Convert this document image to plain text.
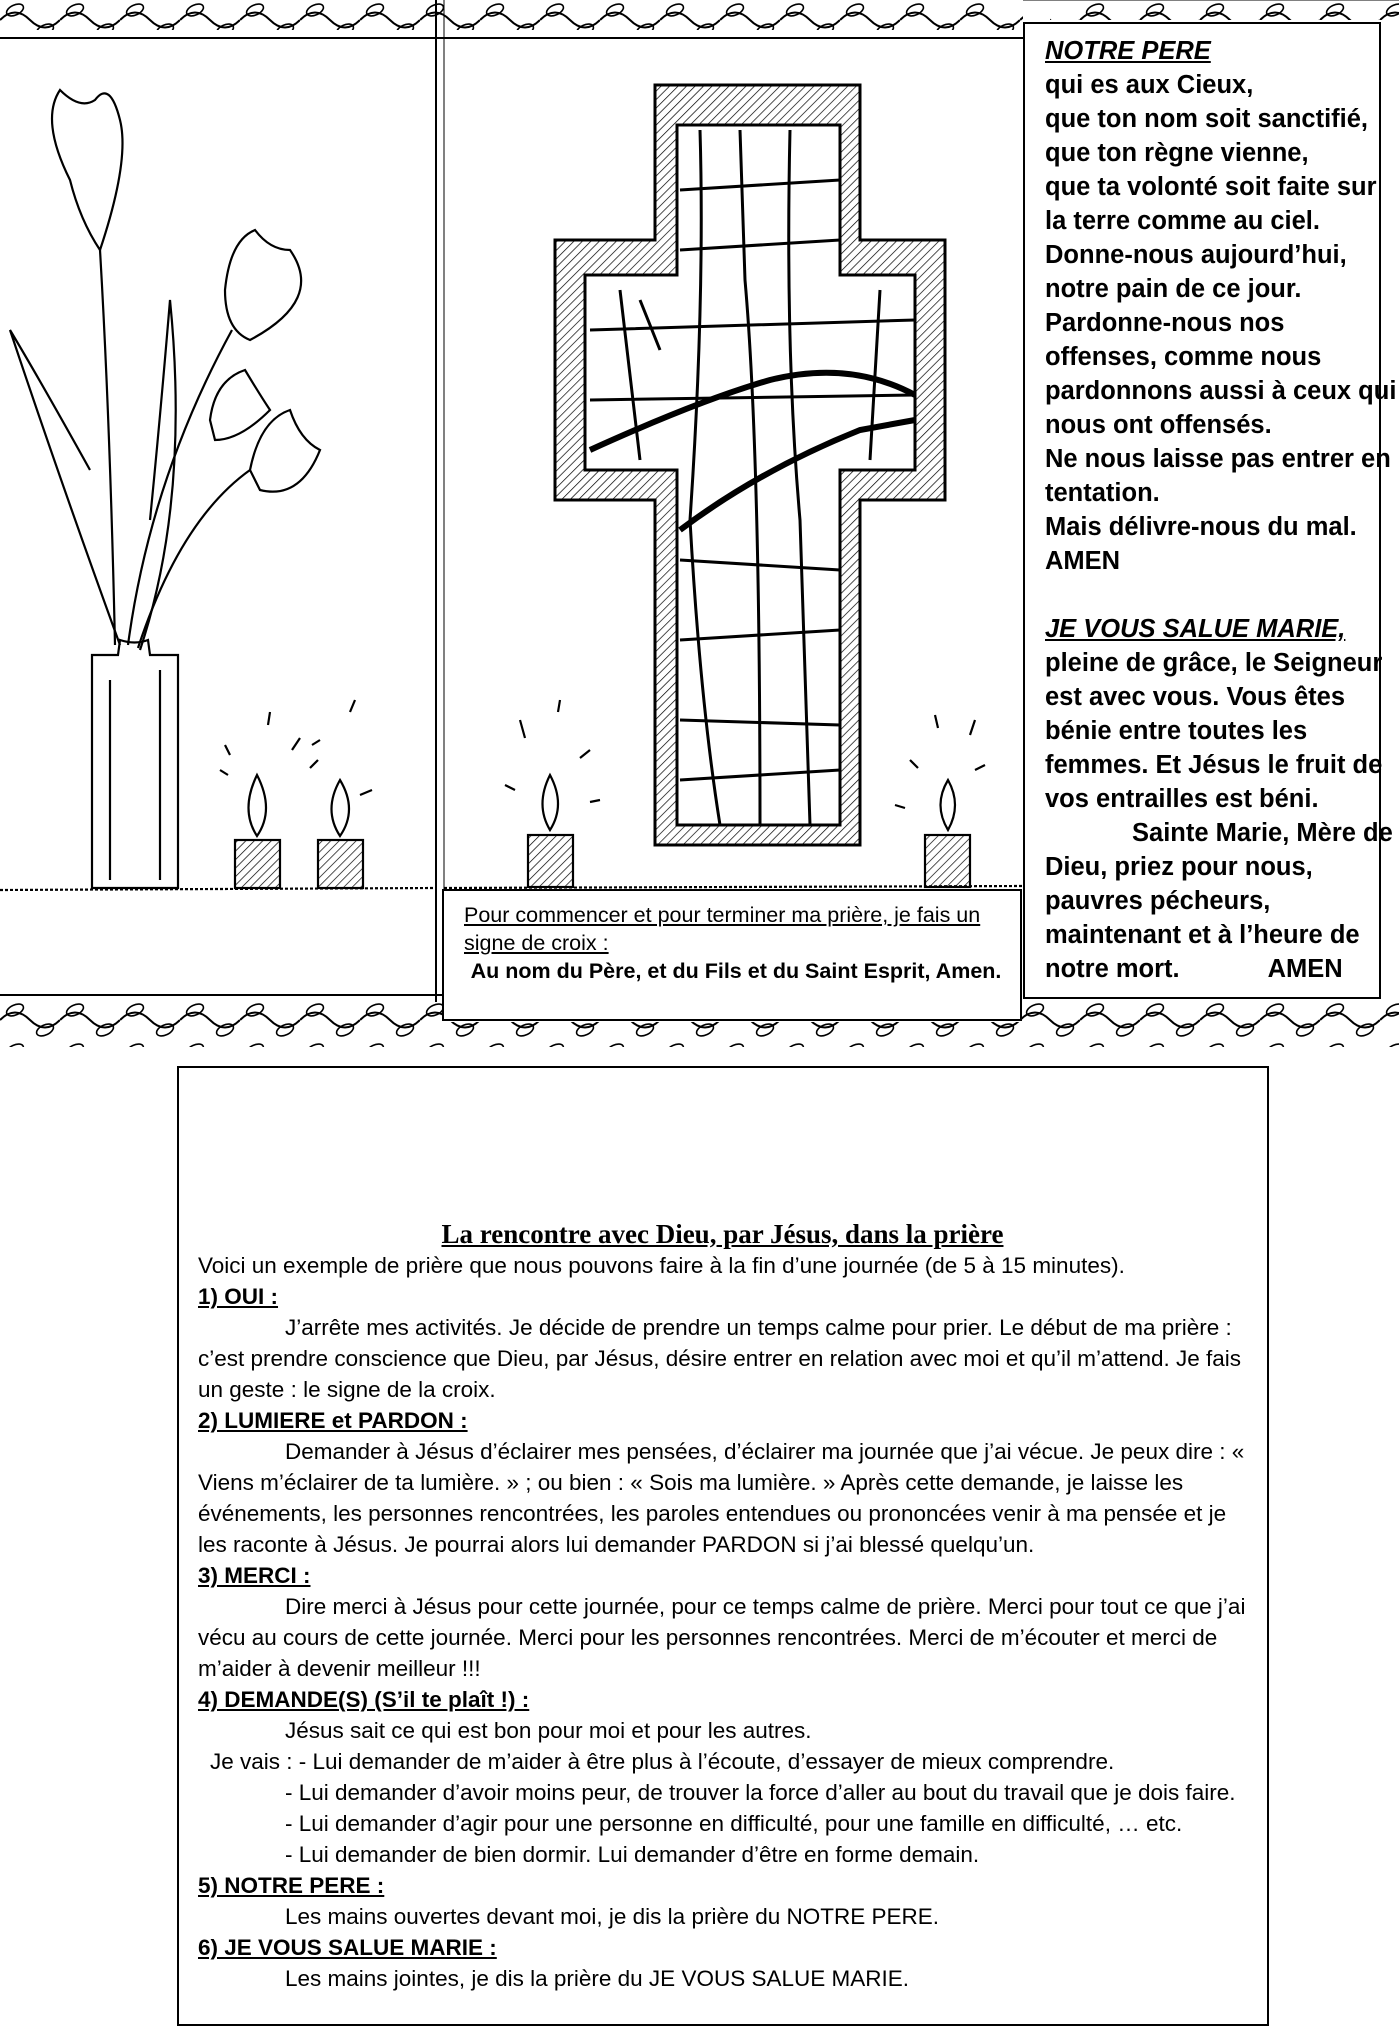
NOTRE PERE
qui es aux Cieux,
que ton nom soit sanctifié,
que ton règne vienne,
que ta volonté soit faite sur
la terre comme au ciel.
Donne-nous aujourd’hui,
notre pain de ce jour.
Pardonne-nous nos
offenses, comme nous
pardonnons aussi à ceux qui
nous ont offensés.
Ne nous laisse pas entrer en
tentation.
Mais délivre-nous du mal.
AMEN
JE VOUS SALUE MARIE,
pleine de grâce, le Seigneur
est avec vous. Vous êtes
bénie entre toutes les
femmes. Et Jésus le fruit de
vos entrailles est béni.
Sainte Marie, Mère de
Dieu, priez pour nous,
pauvres pécheurs,
maintenant et à l’heure de
notre mort.	AMEN
Pour commencer et pour terminer ma prière, je fais un signe de croix :
Au nom du Père, et du Fils et du Saint Esprit, Amen.
La rencontre avec Dieu, par Jésus, dans la prière
Voici un exemple de prière que nous pouvons faire à la fin d’une journée (de 5 à 15 minutes).
1) OUI :
J’arrête mes activités. Je décide de prendre un temps calme pour prier. Le début de ma prière : c’est prendre conscience que Dieu, par Jésus, désire entrer en relation avec moi et qu’il m’attend. Je fais un geste : le signe de la croix.
2) LUMIERE et PARDON :
Demander à Jésus d’éclairer mes pensées, d’éclairer ma journée que j’ai vécue. Je peux dire : « Viens m’éclairer de ta lumière. » ; ou bien : « Sois ma lumière. » Après cette demande, je laisse les événements, les personnes rencontrées, les paroles entendues ou prononcées venir à ma pensée et je les raconte à Jésus. Je pourrai alors lui demander PARDON si j’ai blessé quelqu’un.
3) MERCI :
Dire merci à Jésus pour cette journée, pour ce temps calme de prière. Merci pour tout ce que j’ai vécu au cours de cette journée. Merci pour les personnes rencontrées. Merci de m’écouter et merci de m’aider à devenir meilleur !!!
4) DEMANDE(S) (S’il te plaît !) :
Jésus sait ce qui est bon pour moi et pour les autres.
Je vais : - Lui demander de m’aider à être plus à l’écoute, d’essayer de mieux comprendre.
- Lui demander d’avoir moins peur, de trouver la force d’aller au bout du travail que je dois faire.
- Lui demander d’agir pour une personne en difficulté, pour une famille en difficulté, … etc.
- Lui demander de bien dormir. Lui demander d’être en forme demain.
5) NOTRE PERE :
Les mains ouvertes devant moi, je dis la prière du NOTRE PERE.
6) JE VOUS SALUE MARIE :
Les mains jointes, je dis la prière du JE VOUS SALUE MARIE.
